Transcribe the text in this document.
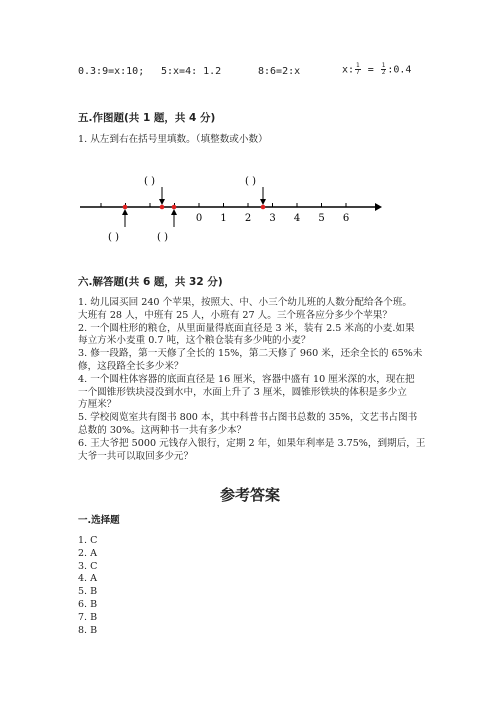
0.3:9=x:10; 5:x=4: 1.2	8:6=2:x	x: $\frac{1}{7} = \frac{1}{2}$ :0.4
五.作图题(共 1 题，共 4 分)
1. 从左到右在括号里填数。（填整数或小数）
0 1 2 3 4 5 6
( )	( )
( )	( )
六.解答题(共 6 题，共 32 分)
1. 幼儿园买回 240 个苹果，按照大、中、小三个幼儿班的人数分配给各个班。
大班有 28 人，中班有 25 人，小班有 27 人。三个班各应分多少个苹果？
2. 一个圆柱形的粮仓，从里面量得底面直径是 3 米，装有 2.5 米高的小麦.如果
每立方米小麦重 0.7 吨，这个粮仓装有多少吨的小麦？
3. 修一段路，第一天修了全长的 15%，第二天修了 960 米，还余全长的 65%未
修，这段路全长多少米？
4. 一个圆柱体容器的底面直径是 16 厘米，容器中盛有 10 厘米深的水，现在把
一个圆锥形铁块浸没到水中，水面上升了 3 厘米，圆锥形铁块的体积是多少立
方厘米？
5. 学校阅览室共有图书 800 本，其中科普书占图书总数的 35%，文艺书占图书
总数的 30%。这两种书一共有多少本？
6. 王大爷把 5000 元钱存入银行，定期 2 年，如果年利率是 3.75%，到期后，王
大爷一共可以取回多少元？
参考答案
一.选择题
1. C
2. A
3. C
4. A
5. B
6. B
7. B
8. B
